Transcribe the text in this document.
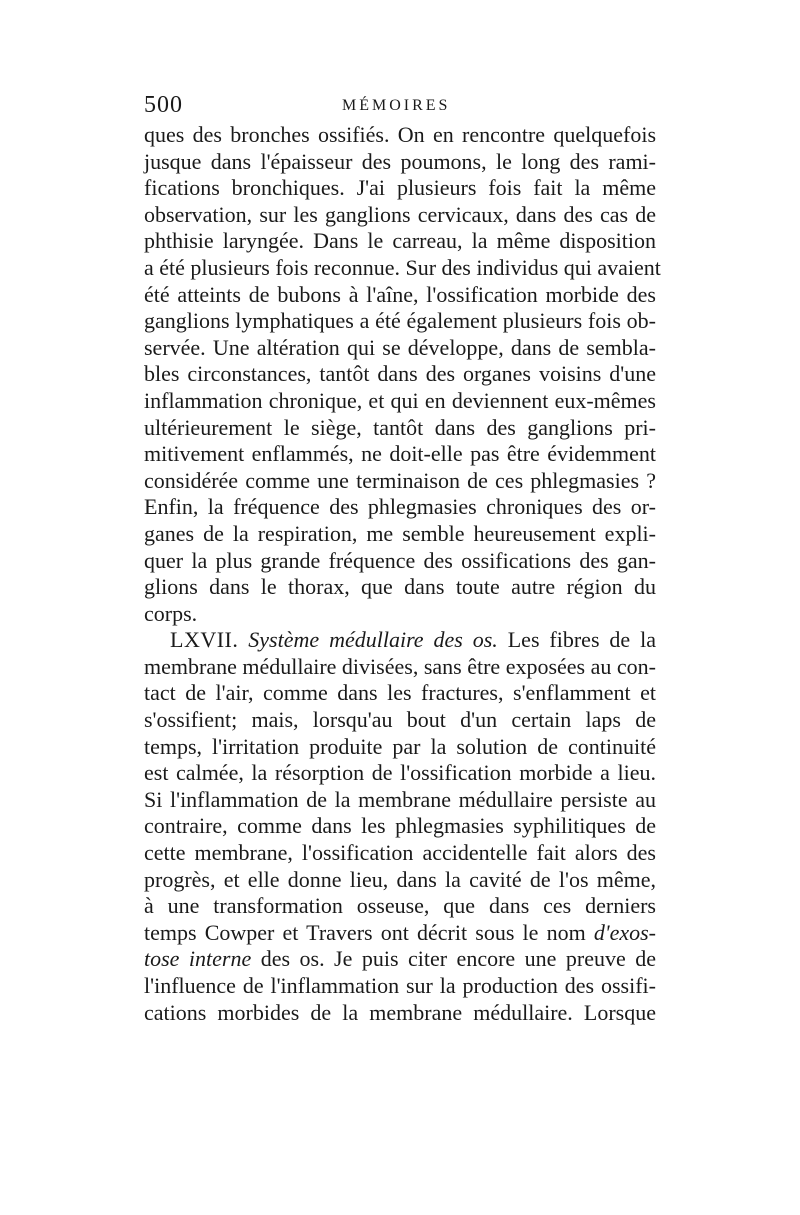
500	MÉMOIRES
ques des bronches ossifiés. On en rencontre quelquefois
jusque dans l'épaisseur des poumons, le long des rami-
fications bronchiques. J'ai plusieurs fois fait la même
observation, sur les ganglions cervicaux, dans des cas de
phthisie laryngée. Dans le carreau, la même disposition
a été plusieurs fois reconnue. Sur des individus qui avaient
été atteints de bubons à l'aîne, l'ossification morbide des
ganglions lymphatiques a été également plusieurs fois ob-
servée. Une altération qui se développe, dans de sembla-
bles circonstances, tantôt dans des organes voisins d'une
inflammation chronique, et qui en deviennent eux-mêmes
ultérieurement le siège, tantôt dans des ganglions pri-
mitivement enflammés, ne doit-elle pas être évidemment
considérée comme une terminaison de ces phlegmasies ?
Enfin, la fréquence des phlegmasies chroniques des or-
ganes de la respiration, me semble heureusement expli-
quer la plus grande fréquence des ossifications des gan-
glions dans le thorax, que dans toute autre région du
corps.
LXVII. Système médullaire des os. Les fibres de la
membrane médullaire divisées, sans être exposées au con-
tact de l'air, comme dans les fractures, s'enflamment et
s'ossifient; mais, lorsqu'au bout d'un certain laps de
temps, l'irritation produite par la solution de continuité
est calmée, la résorption de l'ossification morbide a lieu.
Si l'inflammation de la membrane médullaire persiste au
contraire, comme dans les phlegmasies syphilitiques de
cette membrane, l'ossification accidentelle fait alors des
progrès, et elle donne lieu, dans la cavité de l'os même,
à une transformation osseuse, que dans ces derniers
temps Cowper et Travers ont décrit sous le nom d'exos-
tose interne des os. Je puis citer encore une preuve de
l'influence de l'inflammation sur la production des ossifi-
cations morbides de la membrane médullaire. Lorsque
